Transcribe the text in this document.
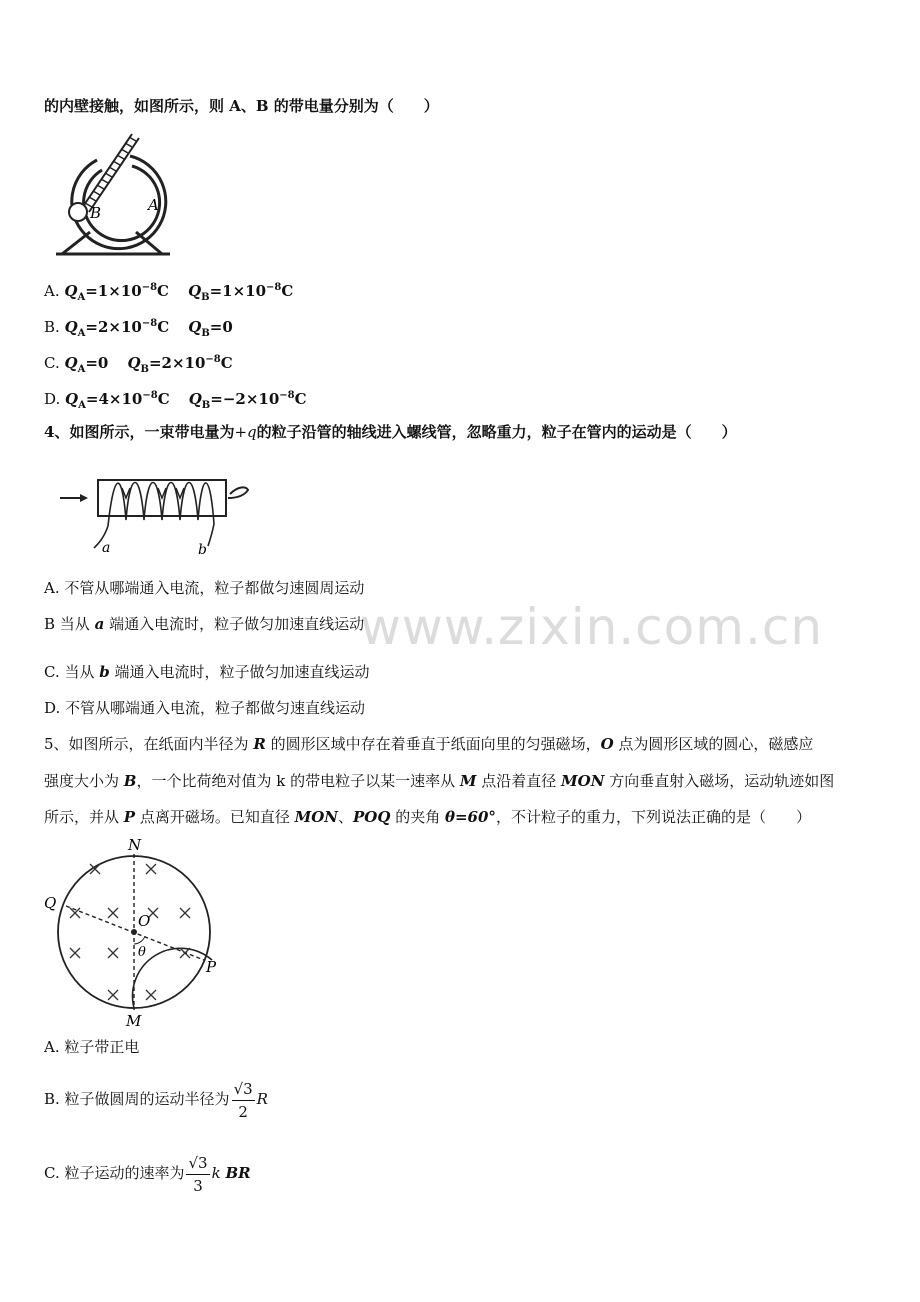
www.zixin.com.cn
的内壁接触，如图所示，则 A、B 的带电量分别为（　　）
B	A
A. $Q_A=1\times 10^{-8}C$ $Q_B=1\times 10^{-8}C$
B. $Q_A=2\times 10^{-8}C$ $Q_B=0$
C. $Q_A=0$ $Q_B=2\times 10^{-8}C$
D. $Q_A=4\times 10^{-8}C$ $Q_B=-2\times 10^{-8}C$
4、如图所示，一束带电量为+q的粒子沿管的轴线进入螺线管，忽略重力，粒子在管内的运动是（　　）
a	b
A. 不管从哪端通入电流，粒子都做匀速圆周运动
B 当从 a 端通入电流时，粒子做匀加速直线运动
C. 当从 b 端通入电流时，粒子做匀加速直线运动
D. 不管从哪端通入电流，粒子都做匀速直线运动
5、如图所示，在纸面内半径为 R 的圆形区域中存在着垂直于纸面向里的匀强磁场，O 点为圆形区域的圆心，磁感应
强度大小为 B，一个比荷绝对值为 k 的带电粒子以某一速率从 M 点沿着直径 MON 方向垂直射入磁场，运动轨迹如图
所示，并从 P 点离开磁场。已知直径 MON、POQ 的夹角 θ=60°，不计粒子的重力，下列说法正确的是（　　）
N
Q
O
θ
P
M
A. 粒子带正电
B. 粒子做圆周的运动半径为 $\frac{√3}{2}$ R
C. 粒子运动的速率为 $\frac{√3}{3}$ k BR
